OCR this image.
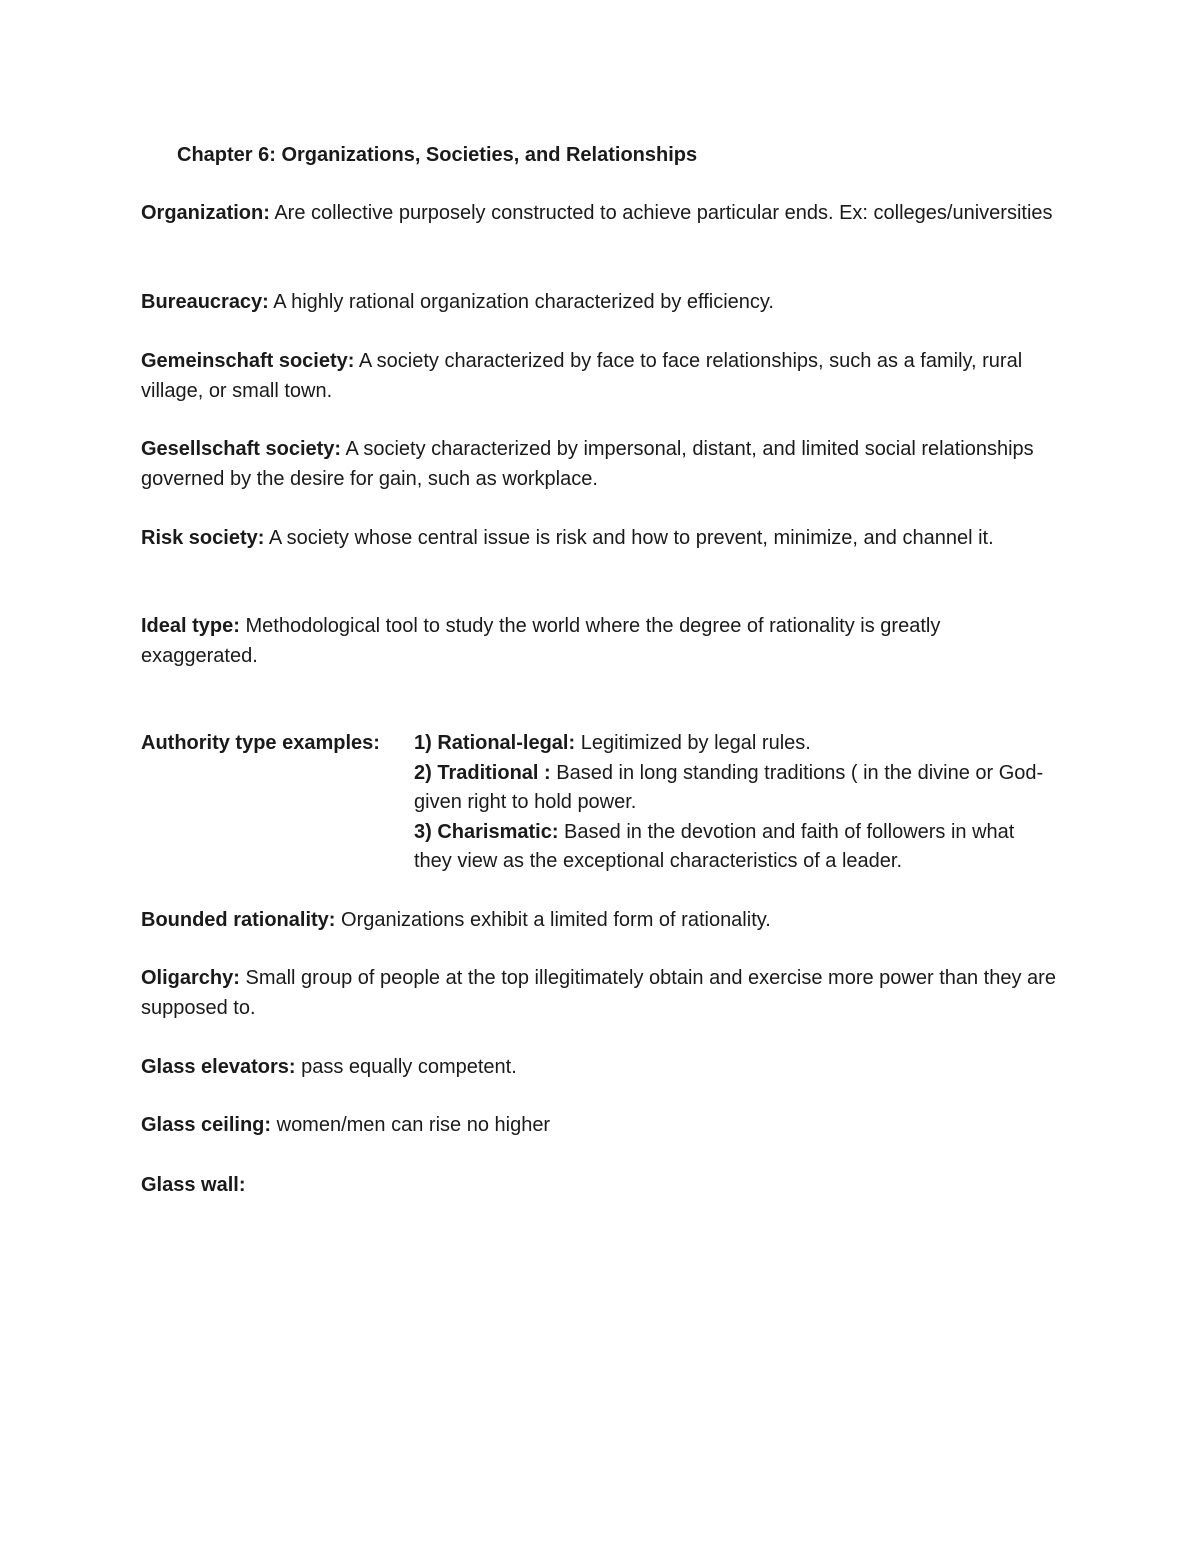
Chapter 6: Organizations, Societies, and Relationships
Organization: Are collective purposely constructed to achieve particular ends. Ex: colleges/universities
Bureaucracy: A highly rational organization characterized by efficiency.
Gemeinschaft society: A society characterized by face to face relationships, such as a family, rural village, or small town.
Gesellschaft society: A society characterized by impersonal, distant, and limited social relationships governed by the desire for gain, such as workplace.
Risk society: A society whose central issue is risk and how to prevent, minimize, and channel it.
Ideal type: Methodological tool to study the world where the degree of rationality is greatly exaggerated.
Authority type examples: 1) Rational-legal: Legitimized by legal rules.
2) Traditional : Based in long standing traditions ( in the divine or God-given right to hold power.
3) Charismatic: Based in the devotion and faith of followers in what they view as the exceptional characteristics of a leader.
Bounded rationality: Organizations exhibit a limited form of rationality.
Oligarchy: Small group of people at the top illegitimately obtain and exercise more power than they are supposed to.
Glass elevators: pass equally competent.
Glass ceiling: women/men can rise no higher
Glass wall:
